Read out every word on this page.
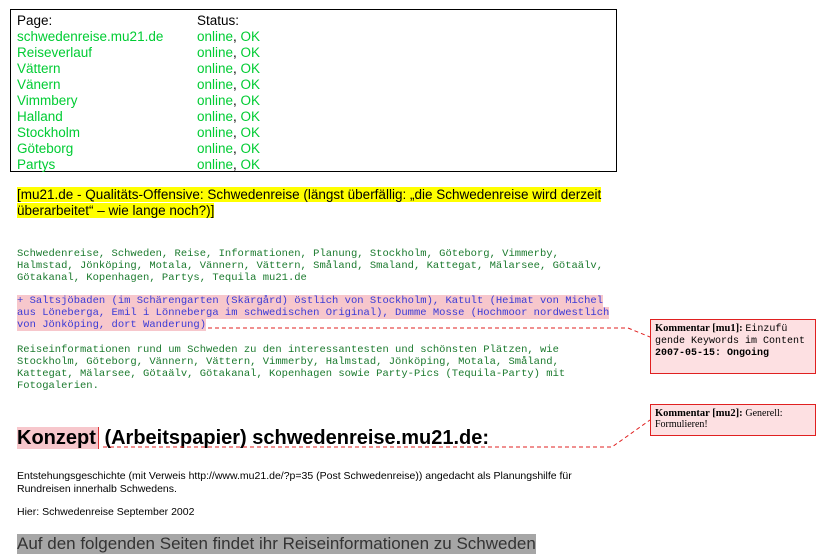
Page:	Status:
schwedenreise.mu21.de online, OK
Reiseverlauf	online, OK
Vättern	online, OK
Vänern	online, OK
Vimmbery	online, OK
Halland	online, OK
Stockholm	online, OK
Göteborg	online, OK
Partys	online, OK
[mu21.de - Qualitäts-Offensive: Schwedenreise (längst überfällig: „die Schwedenreise wird derzeit überarbeitet“ – wie lange noch?)]
Schwedenreise, Schweden, Reise, Informationen, Planung, Stockholm, Göteborg, Vimmerby,
Halmstad, Jönköping, Motala, Vännern, Vättern, Småland, Smaland, Kattegat, Mälarsee, Götaälv,
Götakanal, Kopenhagen, Partys, Tequila mu21.de
+ Saltsjöbaden (im Schärengarten (Skärgård) östlich von Stockholm), Katult (Heimat von Michel
aus Löneberga, Emil i Lönneberga im schwedischen Original), Dumme Mosse (Hochmoor nordwestlich
von Jönköping, dort Wanderung)
Reiseinformationen rund um Schweden zu den interessantesten und schönsten Plätzen, wie
Stockholm, Göteborg, Vännern, Vättern, Vimmerby, Halmstad, Jönköping, Motala, Småland,
Kattegat, Mälarsee, Götaälv, Götakanal, Kopenhagen sowie Party-Pics (Tequila-Party) mit
Fotogalerien.
Konzept (Arbeitspapier) schwedenreise.mu21.de:
Entstehungsgeschichte (mit Verweis http://www.mu21.de/?p=35 (Post Schwedenreise)) angedacht als Planungshilfe für Rundreisen innerhalb Schwedens.
Hier: Schwedenreise September 2002
Auf den folgenden Seiten findet ihr Reiseinformationen zu Schweden
Kommentar [mu1]: Einzufü gende Keywords im Content
2007-05-15: Ongoing
Kommentar [mu2]: Generell: Formulieren!
